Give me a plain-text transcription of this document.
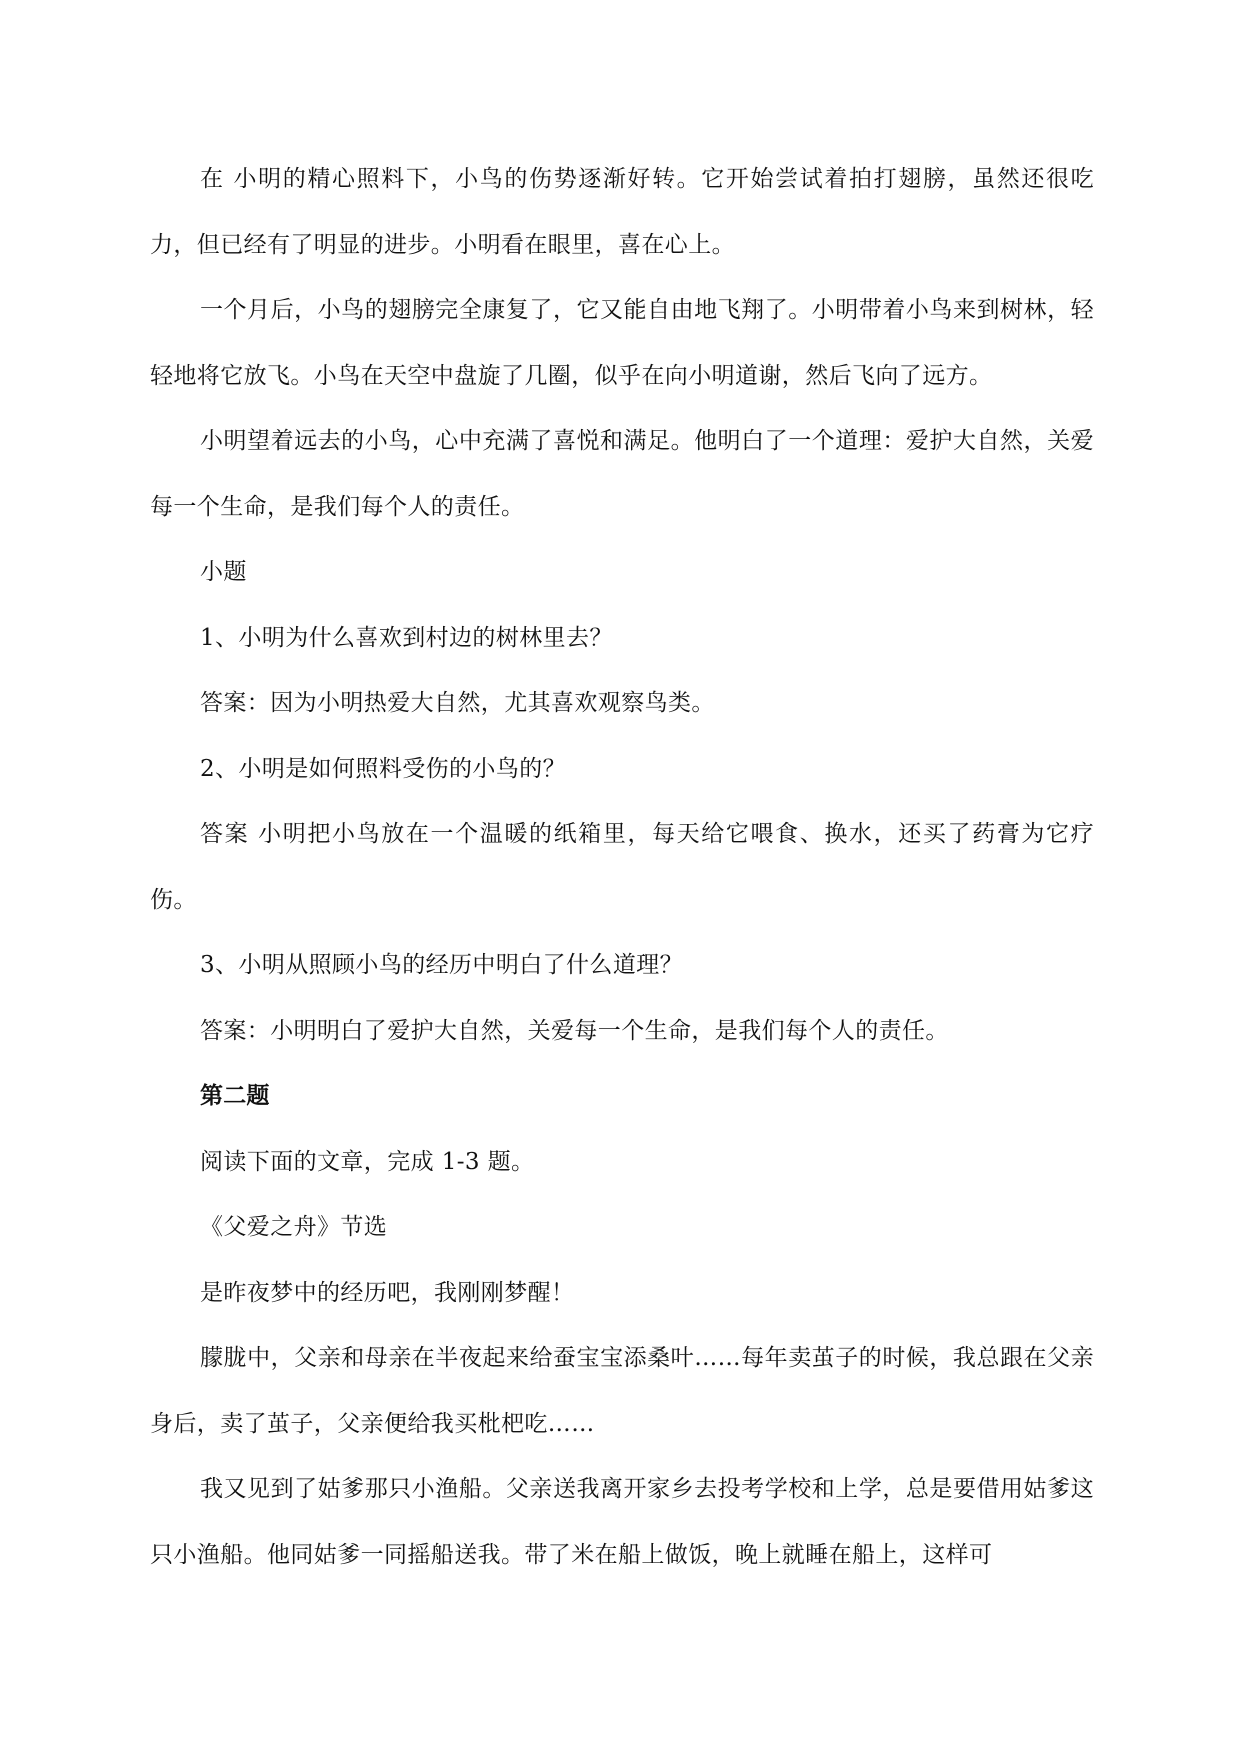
在 小明的精心照料下，小鸟的伤势逐渐好转。它开始尝试着拍打翅膀，虽然还很吃力，但已经有了明显的进步。小明看在眼里，喜在心上。

一个月后，小鸟的翅膀完全康复了，它又能自由地飞翔了。小明带着小鸟来到树林，轻轻地将它放飞。小鸟在天空中盘旋了几圈，似乎在向小明道谢，然后飞向了远方。

小明望着远去的小鸟，心中充满了喜悦和满足。他明白了一个道理：爱护大自然，关爱每一个生命，是我们每个人的责任。

小题

1、小明为什么喜欢到村边的树林里去？

答案：因为小明热爱大自然，尤其喜欢观察鸟类。

2、小明是如何照料受伤的小鸟的？

答案 小明把小鸟放在一个温暖的纸箱里，每天给它喂食、换水，还买了药膏为它疗伤。

3、小明从照顾小鸟的经历中明白了什么道理？

答案：小明明白了爱护大自然，关爱每一个生命，是我们每个人的责任。

第二题

阅读下面的文章，完成 1-3 题。

《父爱之舟》节选

是昨夜梦中的经历吧，我刚刚梦醒！

朦胧中，父亲和母亲在半夜起来给蚕宝宝添桑叶……每年卖茧子的时候，我总跟在父亲身后，卖了茧子，父亲便给我买枇杷吃……

我又见到了姑爹那只小渔船。父亲送我离开家乡去投考学校和上学，总是要借用姑爹这只小渔船。他同姑爹一同摇船送我。带了米在船上做饭，晚上就睡在船上，这样可
